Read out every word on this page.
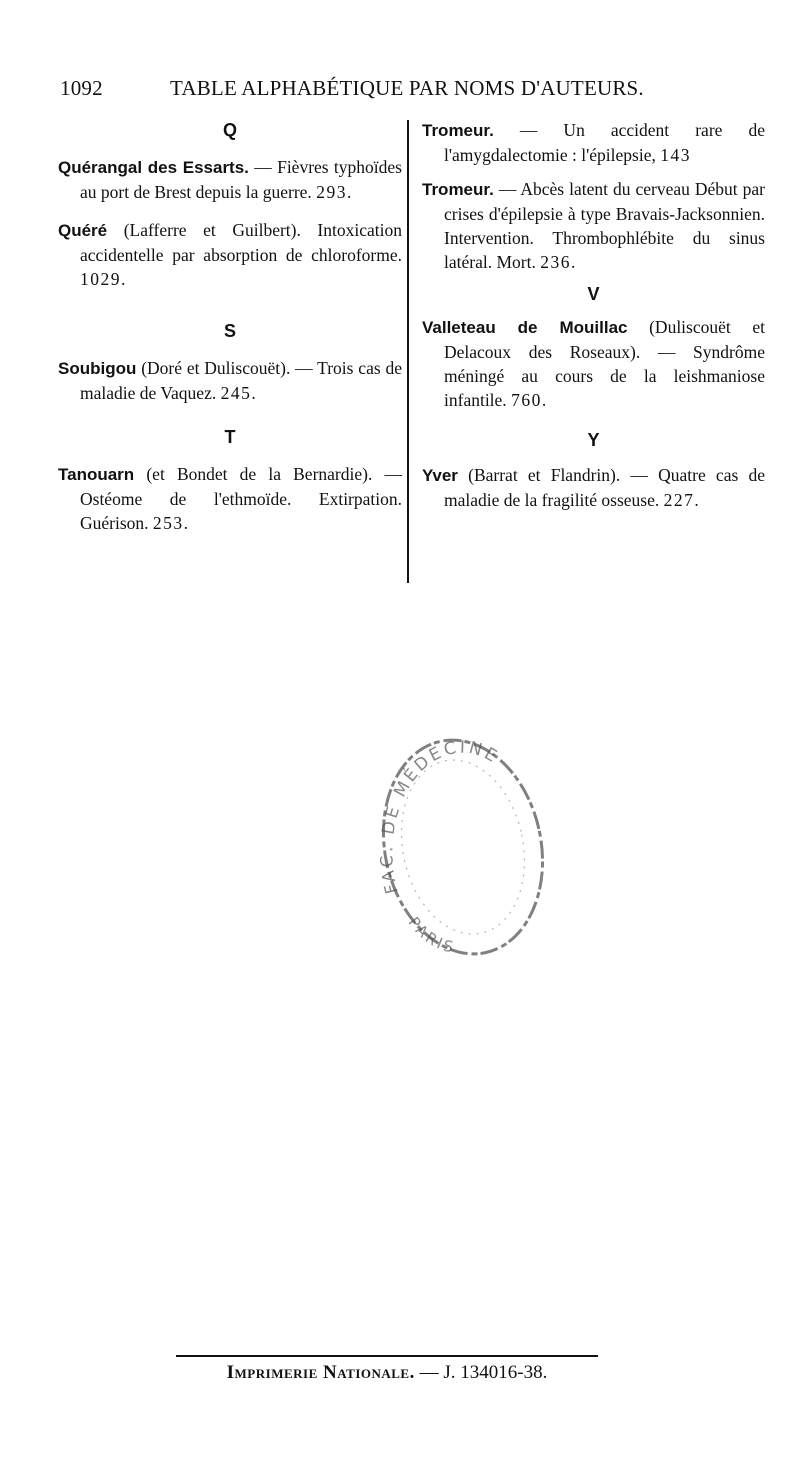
1092	TABLE ALPHABÉTIQUE PAR NOMS D'AUTEURS.
Q
Quérangal des Essarts. — Fièvres typhoïdes au port de Brest depuis la guerre. 293.
Quéré (Lafferre et Guilbert). Intoxication accidentelle par absorption de chloroforme. 1029.
S
Soubigou (Doré et Duliscouët). — Trois cas de maladie de Vaquez. 245.
T
Tanouarn (et Bondet de la Bernardie). — Ostéome de l'ethmoïde. Extirpation. Guérison. 253.
Tromeur. — Un accident rare de l'amygdalectomie : l'épilepsie, 143
Tromeur. — Abcès latent du cerveau Début par crises d'épilepsie à type Bravais-Jacksonnien. Intervention. Thrombophlébite du sinus latéral. Mort. 236.
V
Valleteau de Mouillac (Duliscouët et Delacoux des Roseaux). — Syndrôme méningé au cours de la leishmaniose infantile. 760.
Y
Yver (Barrat et Flandrin). — Quatre cas de maladie de la fragilité osseuse. 227.
FAC. DE MÉDECINE
PARIS
Imprimerie Nationale. — J. 134016-38.
